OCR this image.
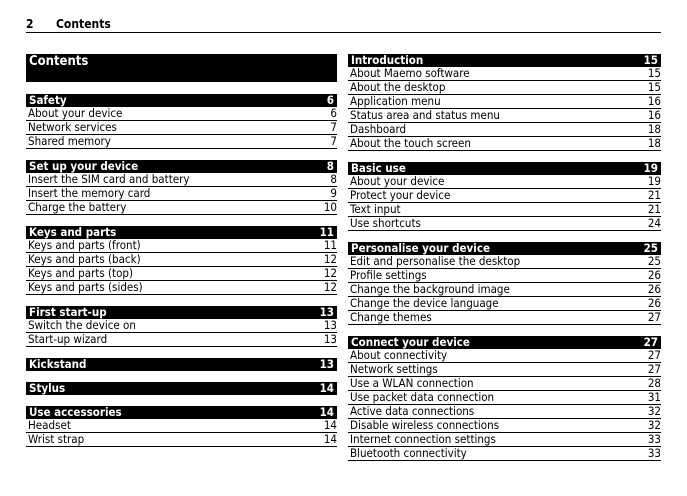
2 Contents
Contents
Safety	6
About your device	6
Network services	7
Shared memory	7
Set up your device	8
Insert the SIM card and battery	8
Insert the memory card	9
Charge the battery	10
Keys and parts	11
Keys and parts (front)	11
Keys and parts (back)	12
Keys and parts (top)	12
Keys and parts (sides)	12
First start-up	13
Switch the device on	13
Start-up wizard	13
Kickstand	13
Stylus	14
Use accessories	14
Headset	14
Wrist strap	14
Introduction	15
About Maemo software	15
About the desktop	15
Application menu	16
Status area and status menu	16
Dashboard	18
About the touch screen	18
Basic use	19
About your device	19
Protect your device	21
Text input	21
Use shortcuts	24
Personalise your device	25
Edit and personalise the desktop	25
Profile settings	26
Change the background image	26
Change the device language	26
Change themes	27
Connect your device	27
About connectivity	27
Network settings	27
Use a WLAN connection	28
Use packet data connection	31
Active data connections	32
Disable wireless connections	32
Internet connection settings	33
Bluetooth connectivity	33
